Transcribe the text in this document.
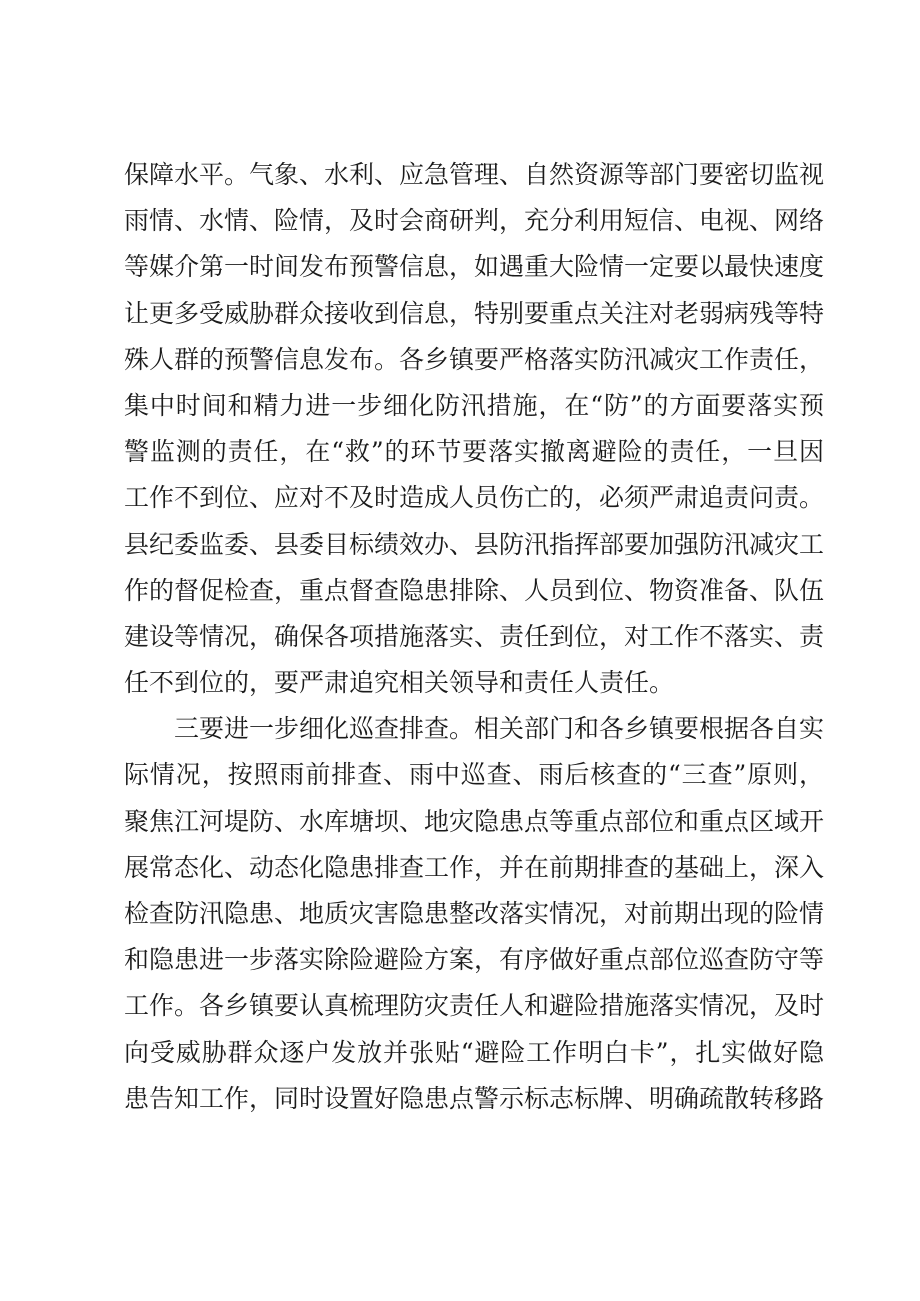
保障水平。气象、水利、应急管理、自然资源等部门要密切监视
雨情、水情、险情，及时会商研判，充分利用短信、电视、网络
等媒介第一时间发布预警信息，如遇重大险情一定要以最快速度
让更多受威胁群众接收到信息，特别要重点关注对老弱病残等特
殊人群的预警信息发布。各乡镇要严格落实防汛减灾工作责任，
集中时间和精力进一步细化防汛措施，在“防”的方面要落实预
警监测的责任，在“救”的环节要落实撤离避险的责任，一旦因
工作不到位、应对不及时造成人员伤亡的，必须严肃追责问责。
县纪委监委、县委目标绩效办、县防汛指挥部要加强防汛减灾工
作的督促检查，重点督查隐患排除、人员到位、物资准备、队伍
建设等情况，确保各项措施落实、责任到位，对工作不落实、责
任不到位的，要严肃追究相关领导和责任人责任。
三要进一步细化巡查排查。相关部门和各乡镇要根据各自实
际情况，按照雨前排查、雨中巡查、雨后核查的“三查”原则，
聚焦江河堤防、水库塘坝、地灾隐患点等重点部位和重点区域开
展常态化、动态化隐患排查工作，并在前期排查的基础上，深入
检查防汛隐患、地质灾害隐患整改落实情况，对前期出现的险情
和隐患进一步落实除险避险方案，有序做好重点部位巡查防守等
工作。各乡镇要认真梳理防灾责任人和避险措施落实情况，及时
向受威胁群众逐户发放并张贴“避险工作明白卡”，扎实做好隐
患告知工作，同时设置好隐患点警示标志标牌、明确疏散转移路
